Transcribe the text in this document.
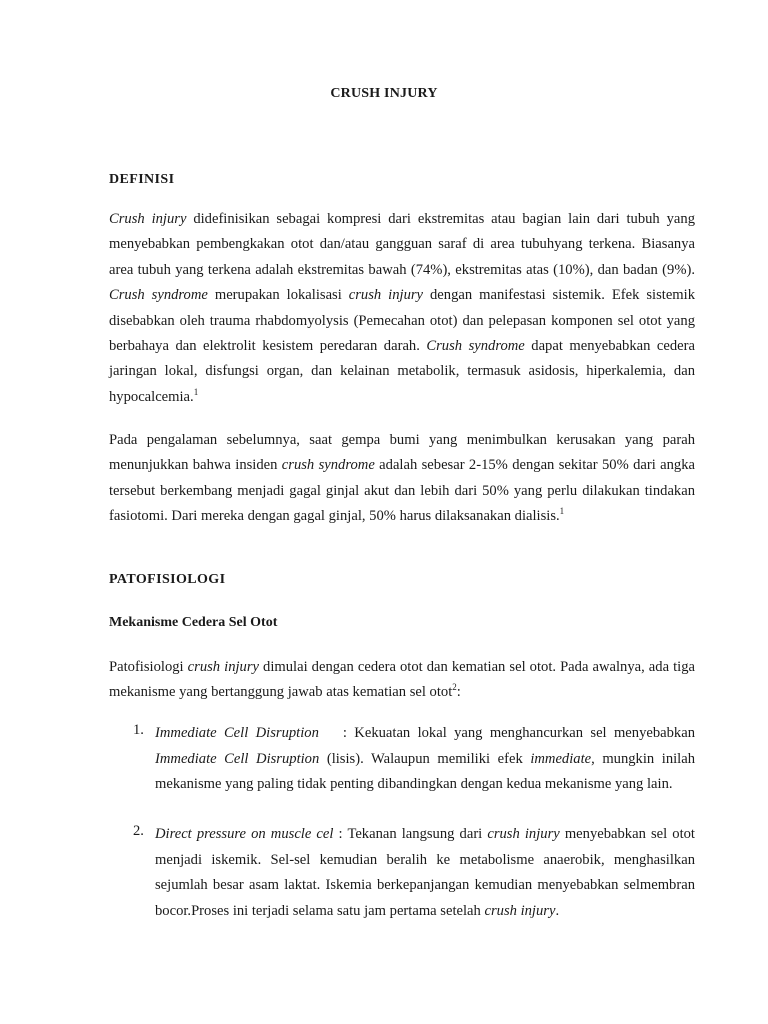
CRUSH INJURY
DEFINISI

Crush injury didefinisikan sebagai kompresi dari ekstremitas atau bagian lain dari tubuh yang menyebabkan pembengkakan otot dan/atau gangguan saraf di area tubuhyang terkena. Biasanya area tubuh yang terkena adalah ekstremitas bawah (74%), ekstremitas atas (10%), dan badan (9%). Crush syndrome merupakan lokalisasi crush injury dengan manifestasi sistemik. Efek sistemik disebabkan oleh trauma rhabdomyolysis (Pemecahan otot) dan pelepasan komponen sel otot yang berbahaya dan elektrolit kesistem peredaran darah. Crush syndrome dapat menyebabkan cedera jaringan lokal, disfungsi organ, dan kelainan metabolik, termasuk asidosis, hiperkalemia, dan hypocalcemia.$^1$

Pada pengalaman sebelumnya, saat gempa bumi yang menimbulkan kerusakan yang parah menunjukkan bahwa insiden crush syndrome adalah sebesar 2-15% dengan sekitar 50% dari angka tersebut berkembang menjadi gagal ginjal akut dan lebih dari 50% yang perlu dilakukan tindakan fasiotomi. Dari mereka dengan gagal ginjal, 50% harus dilaksanakan dialisis.$^1$

PATOFISIOLOGI
Mekanisme Cedera Sel Otot

Patofisiologi crush injury dimulai dengan cedera otot dan kematian sel otot. Pada awalnya, ada tiga mekanisme yang bertanggung jawab atas kematian sel otot$^2$:

1. Immediate Cell Disruption : Kekuatan lokal yang menghancurkan sel menyebabkan Immediate Cell Disruption (lisis). Walaupun memiliki efek immediate, mungkin inilah mekanisme yang paling tidak penting dibandingkan dengan kedua mekanisme yang lain.

2. Direct pressure on muscle cel : Tekanan langsung dari crush injury menyebabkan sel otot menjadi iskemik. Sel-sel kemudian beralih ke metabolisme anaerobik, menghasilkan sejumlah besar asam laktat. Iskemia berkepanjangan kemudian menyebabkan selmembran bocor.Proses ini terjadi selama satu jam pertama setelah crush injury.
